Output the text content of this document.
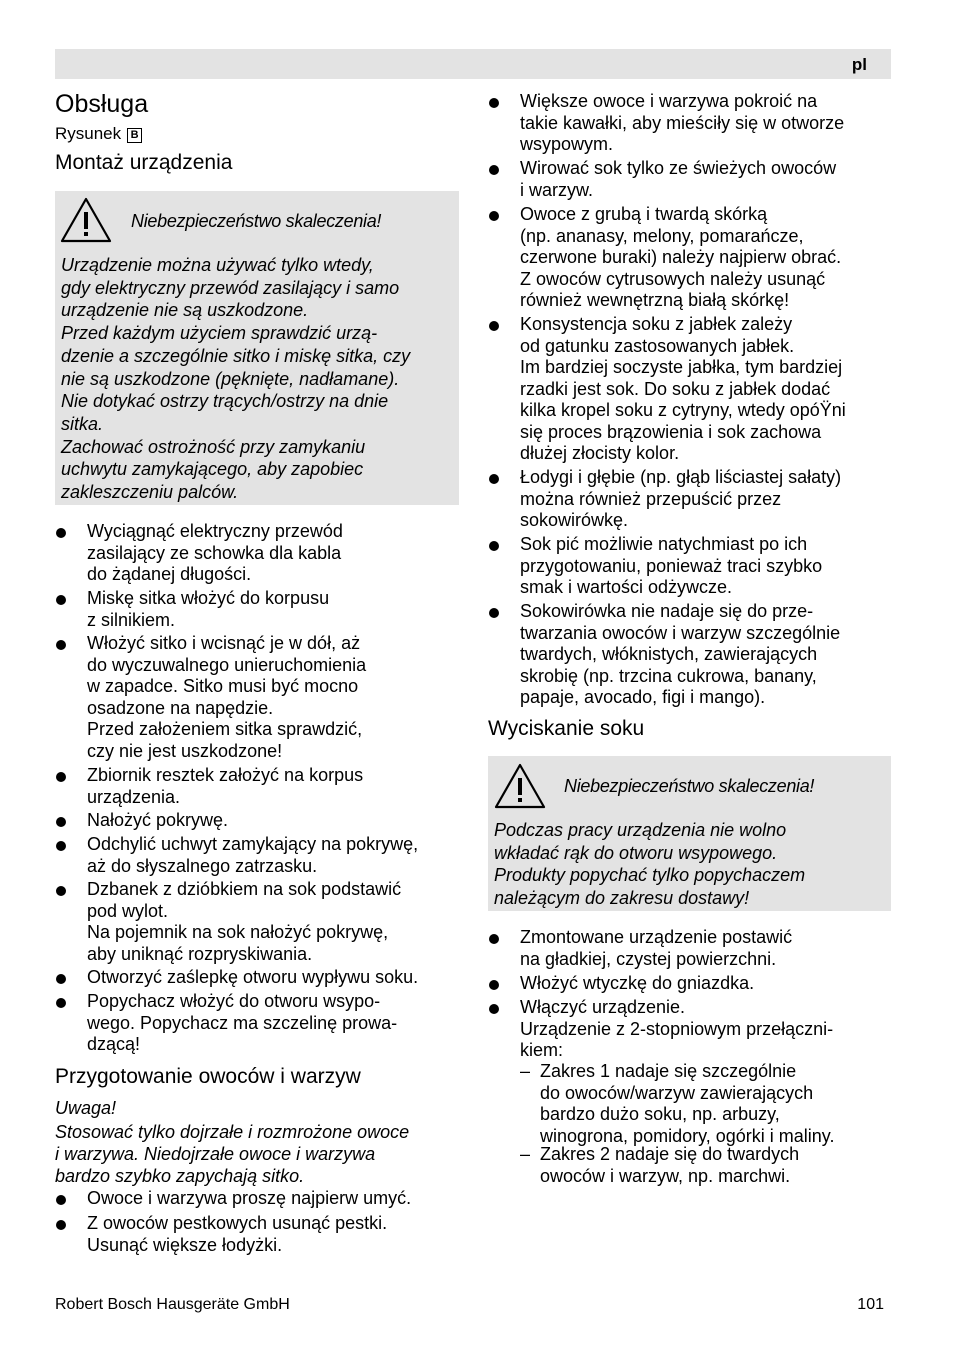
pl
Obsługa
Rysunek B
Montaż urządzenia
Niebezpieczeństwo skaleczenia!
Urządzenie można używać tylko wtedy,
gdy elektryczny przewód zasilający i samo
urządzenie nie są uszkodzone.
Przed każdym użyciem sprawdzić urzą-
dzenie a szczególnie sitko i miskę sitka, czy
nie są uszkodzone (pęknięte, nadłamane).
Nie dotykać ostrzy trących/ostrzy na dnie
sitka.
Zachować ostrożność przy zamykaniu
uchwytu zamykającego, aby zapobiec
zakleszczeniu palców.
Wyciągnąć elektryczny przewód
zasilający ze schowka dla kabla
do żądanej długości.
Miskę sitka włożyć do korpusu
z silnikiem.
Włożyć sitko i wcisnąć je w dół, aż
do wyczuwalnego unieruchomienia
w zapadce. Sitko musi być mocno
osadzone na napędzie.
Przed założeniem sitka sprawdzić,
czy nie jest uszkodzone!
Zbiornik resztek założyć na korpus
urządzenia.
Nałożyć pokrywę.
Odchylić uchwyt zamykający na pokrywę,
aż do słyszalnego zatrzasku.
Dzbanek z dzióbkiem na sok podstawić
pod wylot.
Na pojemnik na sok nałożyć pokrywę,
aby uniknąć rozpryskiwania.
Otworzyć zaślepkę otworu wypływu soku.
Popychacz włożyć do otworu wsypo-
wego. Popychacz ma szczelinę prowa-
dzącą!
Przygotowanie owoców i warzyw
Uwaga!
Stosować tylko dojrzałe i rozmrożone owoce
i warzywa. Niedojrzałe owoce i warzywa
bardzo szybko zapychają sitko.
Owoce i warzywa proszę najpierw umyć.
Z owoców pestkowych usunąć pestki.
Usunąć większe łodyżki.
Większe owoce i warzywa pokroić na
takie kawałki, aby mieściły się w otworze
wsypowym.
Wirować sok tylko ze świeżych owoców
i warzyw.
Owoce z grubą i twardą skórką
(np. ananasy, melony, pomarańcze,
czerwone buraki) należy najpierw obrać.
Z owoców cytrusowych należy usunąć
również wewnętrzną białą skórkę!
Konsystencja soku z jabłek zależy
od gatunku zastosowanych jabłek.
Im bardziej soczyste jabłka, tym bardziej
rzadki jest sok. Do soku z jabłek dodać
kilka kropel soku z cytryny, wtedy opóŸni
się proces brązowienia i sok zachowa
dłużej złocisty kolor.
Łodygi i głębie (np. głąb liściastej sałaty)
można również przepuścić przez
sokowirówkę.
Sok pić możliwie natychmiast po ich
przygotowaniu, ponieważ traci szybko
smak i wartości odżywcze.
Sokowirówka nie nadaje się do prze-
twarzania owoców i warzyw szczególnie
twardych, włóknistych, zawierających
skrobię (np. trzcina cukrowa, banany,
papaje, avocado, figi i mango).
Wyciskanie soku
Niebezpieczeństwo skaleczenia!
Podczas pracy urządzenia nie wolno
wkładać rąk do otworu wsypowego.
Produkty popychać tylko popychaczem
należącym do zakresu dostawy!
Zmontowane urządzenie postawić
na gładkiej, czystej powierzchni.
Włożyć wtyczkę do gniazdka.
Włączyć urządzenie.
Urządzenie z 2-stopniowym przełączni-
kiem:
– Zakres 1 nadaje się szczególnie
do owoców/warzyw zawierających
bardzo dużo soku, np. arbuzy,
winogrona, pomidory, ogórki i maliny.
– Zakres 2 nadaje się do twardych
owoców i warzyw, np. marchwi.
Robert Bosch Hausgeräte GmbH	101
